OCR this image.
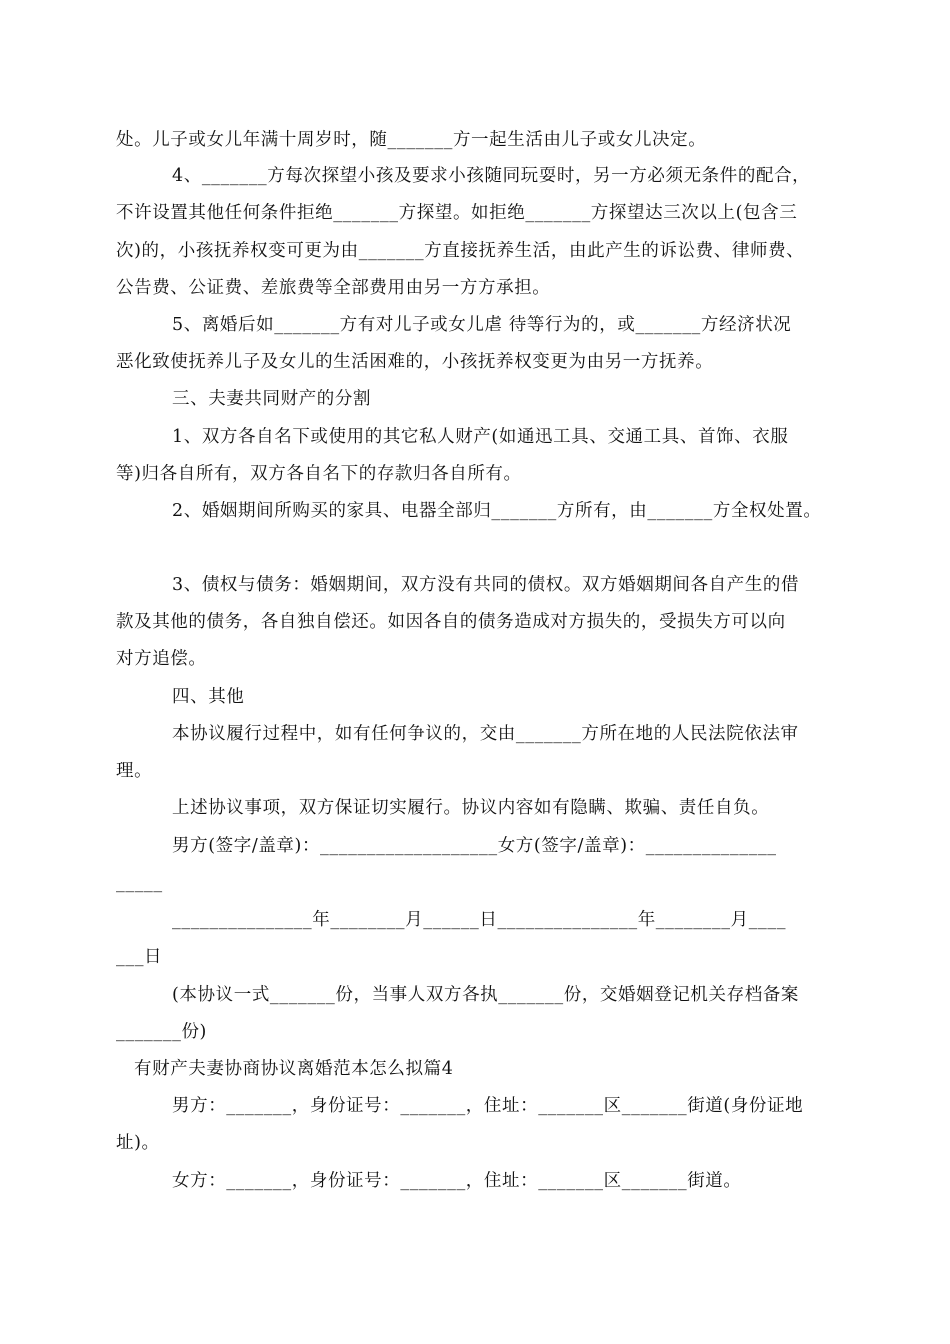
处。儿子或女儿年满十周岁时，随_______方一起生活由儿子或女儿决定。
4、_______方每次探望小孩及要求小孩随同玩耍时，另一方必须无条件的配合，
不许设置其他任何条件拒绝_______方探望。如拒绝_______方探望达三次以上(包含三
次)的，小孩抚养权变可更为由_______方直接抚养生活，由此产生的诉讼费、律师费、
公告费、公证费、差旅费等全部费用由另一方方承担。
5、离婚后如_______方有对儿子或女儿虐 待等行为的，或_______方经济状况
恶化致使抚养儿子及女儿的生活困难的，小孩抚养权变更为由另一方抚养。
三、夫妻共同财产的分割
1、双方各自名下或使用的其它私人财产(如通迅工具、交通工具、首饰、衣服
等)归各自所有，双方各自名下的存款归各自所有。
2、婚姻期间所购买的家具、电器全部归_______方所有，由_______方全权处置。
3、债权与债务：婚姻期间，双方没有共同的债权。双方婚姻期间各自产生的借
款及其他的债务，各自独自偿还。如因各自的债务造成对方损失的，受损失方可以向
对方追偿。
四、其他
本协议履行过程中，如有任何争议的，交由_______方所在地的人民法院依法审
理。
上述协议事项，双方保证切实履行。协议内容如有隐瞒、欺骗、责任自负。
男方(签字/盖章)：___________________女方(签字/盖章)：______________
_____
_______________年________月______日_______________年________月____
___日
(本协议一式_______份，当事人双方各执_______份，交婚姻登记机关存档备案
_______份)
有财产夫妻协商协议离婚范本怎么拟篇4
男方：_______，身份证号：_______，住址：_______区_______街道(身份证地
址)。
女方：_______，身份证号：_______，住址：_______区_______街道。
